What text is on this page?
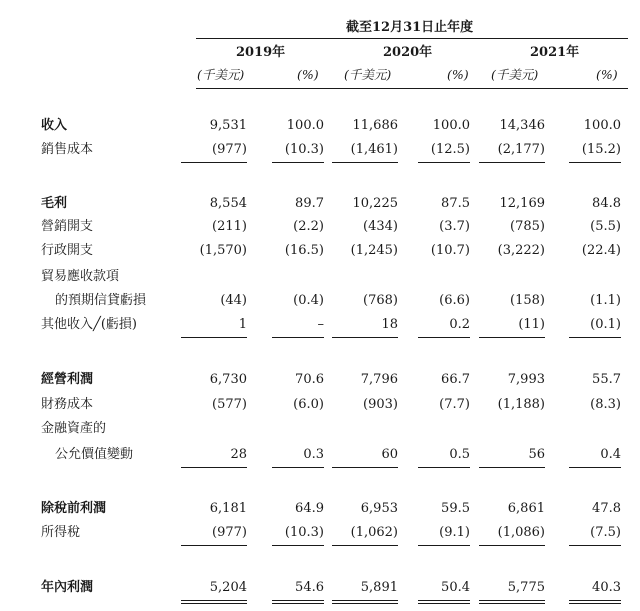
截至12月31日止年度
2019年	2020年	2021年
(千美元)	(%) (千美元)	(%) (千美元)	(%)
收入	9,531	100.0	11,686	100.0	14,346	100.0
銷售成本	(977)	(10.3)	(1,461)	(12.5)	(2,177)	(15.2)
毛利	8,554	89.7	10,225	87.5	12,169	84.8
營銷開支	(211)	(2.2)	(434)	(3.7)	(785)	(5.5)
行政開支	(1,570)	(16.5)	(1,245)	(10.7)	(3,222)	(22.4)
貿易應收款項
的預期信貸虧損	(44)	(0.4)	(768)	(6.6)	(158)	(1.1)
其他收入╱(虧損)	1	–	18	0.2	(11)	(0.1)
經營利潤	6,730	70.6	7,796	66.7	7,993	55.7
財務成本	(577)	(6.0)	(903)	(7.7)	(1,188)	(8.3)
金融資產的
公允價值變動	28	0.3	60	0.5	56	0.4
除稅前利潤	6,181	64.9	6,953	59.5	6,861	47.8
所得稅	(977)	(10.3)	(1,062)	(9.1)	(1,086)	(7.5)
年內利潤	5,204	54.6	5,891	50.4	5,775	40.3
